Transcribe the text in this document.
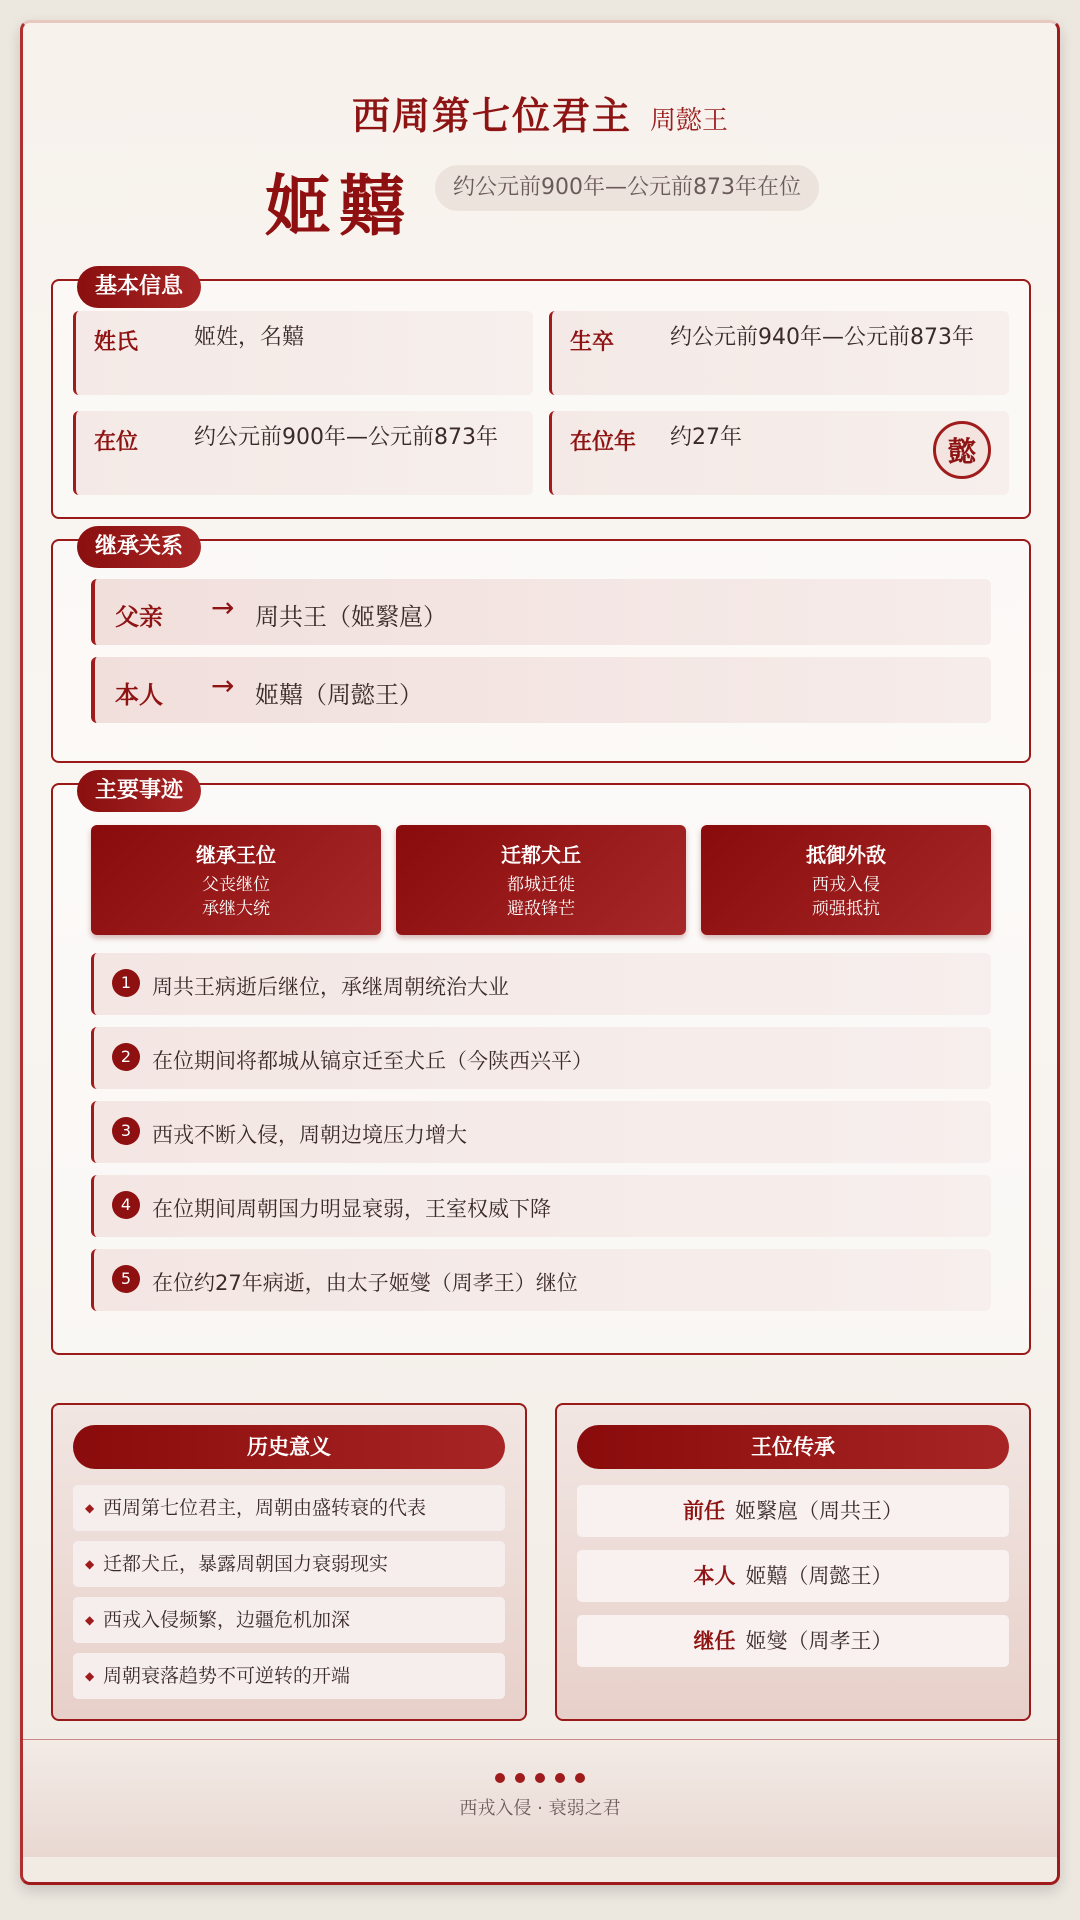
西周第七位君主 周懿王
姬囏	约公元前900年—公元前873年在位
基本信息
姓氏	姬姓，名囏	生卒	约公元前940年—公元前873年
在位	约公元前900年—公元前873年	在位年 约27年	懿
继承关系
父亲 → 周共王（姬繄扈）
本人 → 姬囏（周懿王）
主要事迹
继承王位
父丧继位
承继大统
迁都犬丘
都城迁徙
避敌锋芒
抵御外敌
西戎入侵
顽强抵抗
1 周共王病逝后继位，承继周朝统治大业
2 在位期间将都城从镐京迁至犬丘（今陕西兴平）
3 西戎不断入侵，周朝边境压力增大
4 在位期间周朝国力明显衰弱，王室权威下降
5 在位约27年病逝，由太子姬燮（周孝王）继位
历史意义
◆ 西周第七位君主，周朝由盛转衰的代表
◆ 迁都犬丘，暴露周朝国力衰弱现实
◆ 西戎入侵频繁，边疆危机加深
◆ 周朝衰落趋势不可逆转的开端
王位传承
前任 姬繄扈（周共王）
本人 姬囏（周懿王）
继任 姬燮（周孝王）
西戎入侵 · 衰弱之君
